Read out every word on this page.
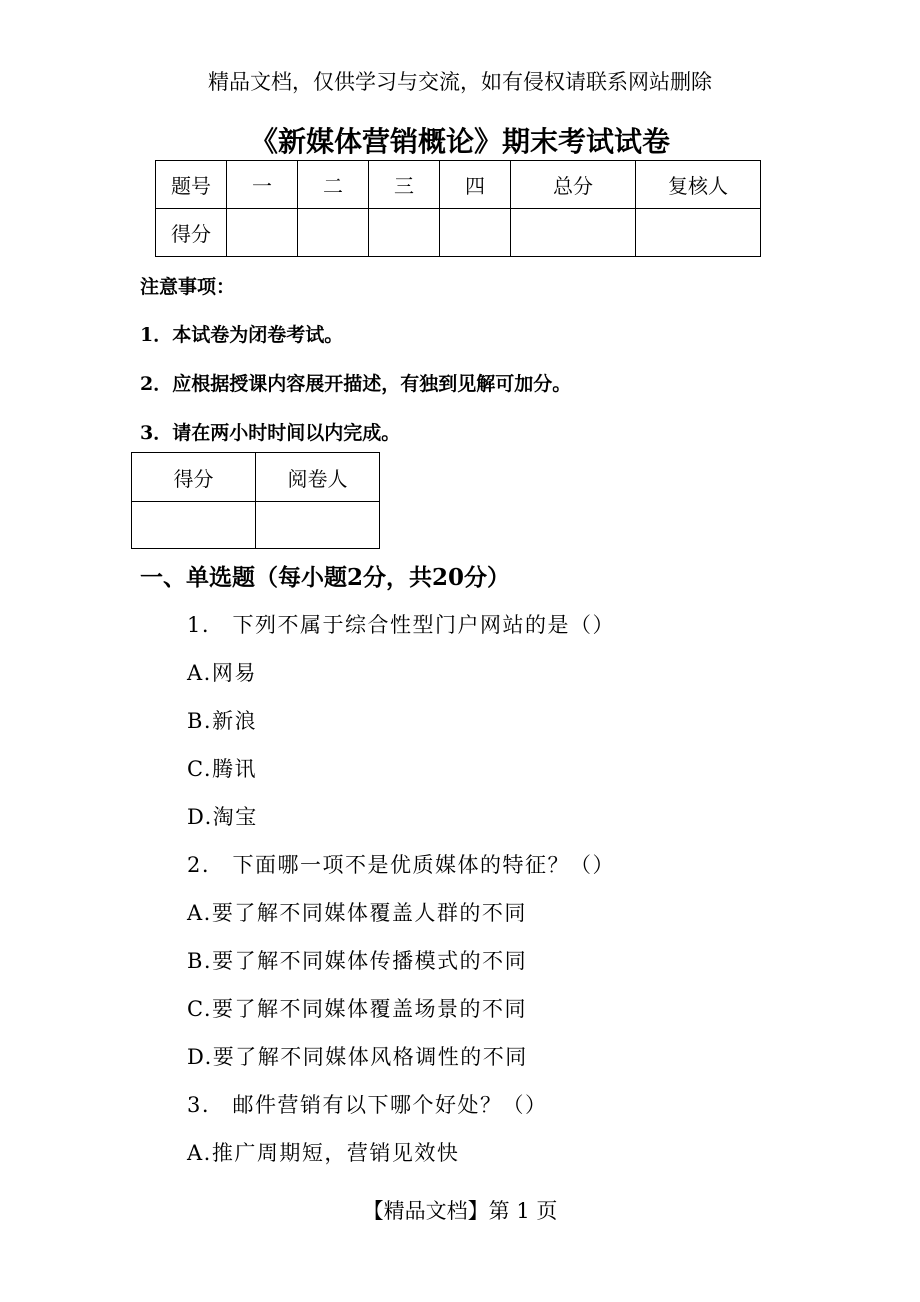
精品文档，仅供学习与交流，如有侵权请联系网站删除
《新媒体营销概论》期末考试试卷
题号	一	二	三	四	总分	复核人
得分						
注意事项：
1．本试卷为闭卷考试。
2．应根据授课内容展开描述，有独到见解可加分。
3．请在两小时时间以内完成。
得分	阅卷人

一、单选题（每小题2分，共20分）
1.　下列不属于综合性型门户网站的是（）
A.网易
B.新浪
C.腾讯
D.淘宝
2.　下面哪一项不是优质媒体的特征？（）
A.要了解不同媒体覆盖人群的不同
B.要了解不同媒体传播模式的不同
C.要了解不同媒体覆盖场景的不同
D.要了解不同媒体风格调性的不同
3.　邮件营销有以下哪个好处？（）
A.推广周期短，营销见效快
【精品文档】第 1 页
